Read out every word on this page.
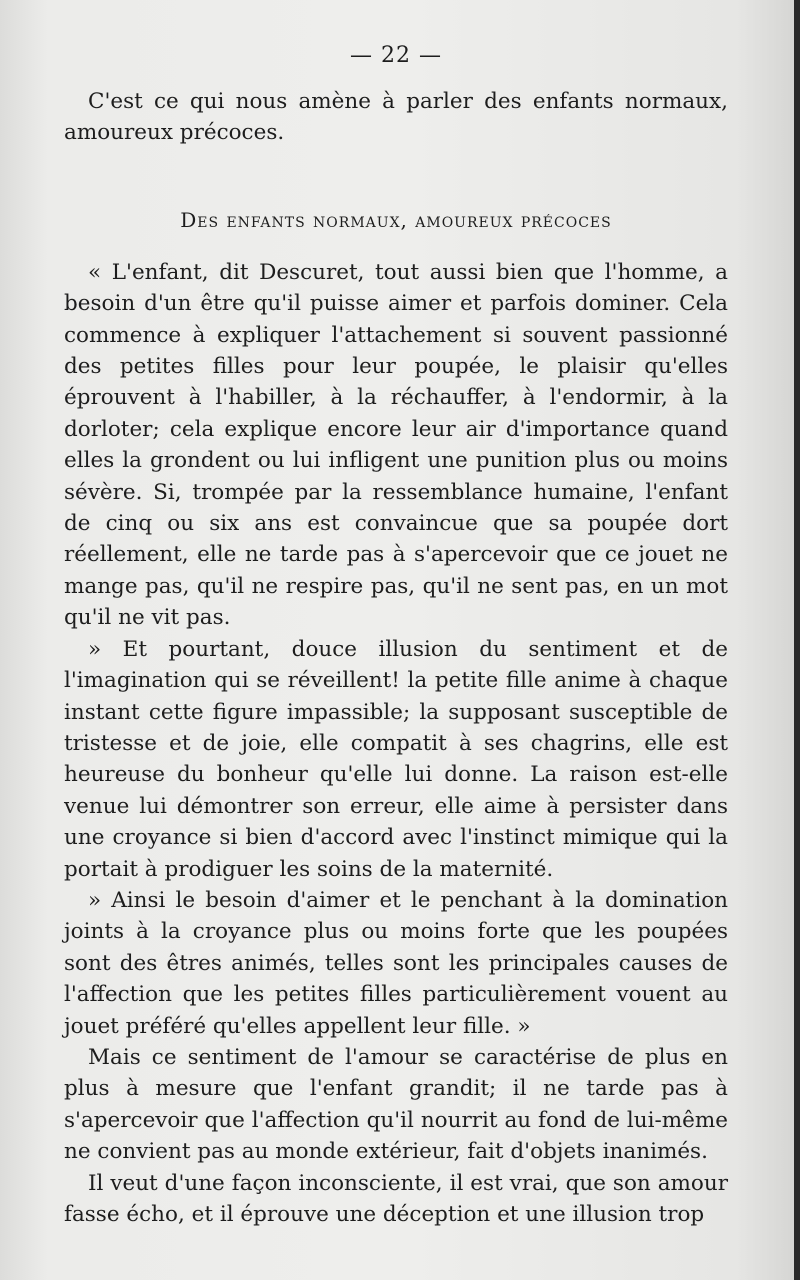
— 22 —

C'est ce qui nous amène à parler des enfants normaux, amoureux précoces.

Des enfants normaux, amoureux précoces

« L'enfant, dit Descuret, tout aussi bien que l'homme, a besoin d'un être qu'il puisse aimer et parfois dominer. Cela commence à expliquer l'attachement si souvent passionné des petites filles pour leur poupée, le plaisir qu'elles éprouvent à l'habiller, à la réchauffer, à l'endormir, à la dorloter; cela explique encore leur air d'importance quand elles la grondent ou lui infligent une punition plus ou moins sévère. Si, trompée par la ressemblance humaine, l'enfant de cinq ou six ans est convaincue que sa poupée dort réellement, elle ne tarde pas à s'apercevoir que ce jouet ne mange pas, qu'il ne respire pas, qu'il ne sent pas, en un mot qu'il ne vit pas.

» Et pourtant, douce illusion du sentiment et de l'imagination qui se réveillent! la petite fille anime à chaque instant cette figure impassible; la supposant susceptible de tristesse et de joie, elle compatit à ses chagrins, elle est heureuse du bonheur qu'elle lui donne. La raison est-elle venue lui démontrer son erreur, elle aime à persister dans une croyance si bien d'accord avec l'instinct mimique qui la portait à prodiguer les soins de la maternité.

» Ainsi le besoin d'aimer et le penchant à la domination joints à la croyance plus ou moins forte que les poupées sont des êtres animés, telles sont les principales causes de l'affection que les petites filles particulièrement vouent au jouet préféré qu'elles appellent leur fille. »

Mais ce sentiment de l'amour se caractérise de plus en plus à mesure que l'enfant grandit; il ne tarde pas à s'apercevoir que l'affection qu'il nourrit au fond de lui-même ne convient pas au monde extérieur, fait d'objets inanimés.

Il veut d'une façon inconsciente, il est vrai, que son amour fasse écho, et il éprouve une déception et une illusion trop
